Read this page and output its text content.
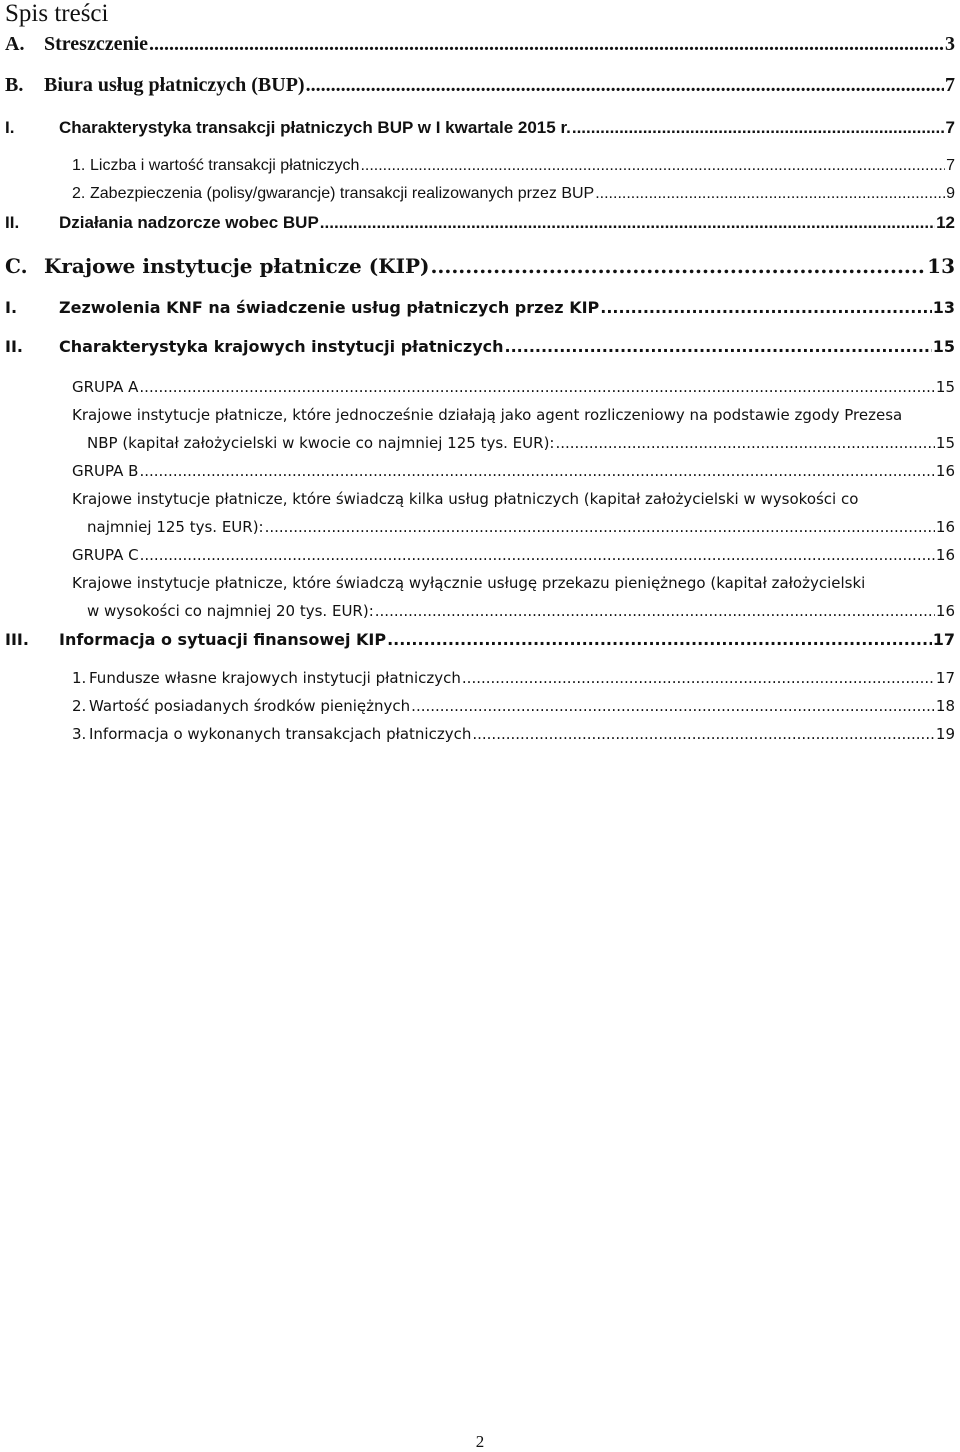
Spis treści
A. Streszczenie .....	3
B. Biura usług płatniczych (BUP) .....	7
I.	Charakterystyka transakcji płatniczych BUP w I kwartale 2015 r. .....	7
1. Liczba i wartość transakcji płatniczych .....	7
2. Zabezpieczenia (polisy/gwarancje) transakcji realizowanych przez BUP .....	9
II. Działania nadzorcze wobec BUP .....	12
C. Krajowe instytucje płatnicze (KIP) .....	13
I.	Zezwolenia KNF na świadczenie usług płatniczych przez KIP .....	13
II. Charakterystyka krajowych instytucji płatniczych .....	15
GRUPA A .....	15
Krajowe instytucje płatnicze, które jednocześnie działają jako agent rozliczeniowy na podstawie zgody Prezesa
NBP (kapitał założycielski w kwocie co najmniej 125 tys. EUR): .....	15
GRUPA B .....	16
Krajowe instytucje płatnicze, które świadczą kilka usług płatniczych (kapitał założycielski w wysokości co
najmniej 125 tys. EUR): .....	16
GRUPA C .....	16
Krajowe instytucje płatnicze, które świadczą wyłącznie usługę przekazu pieniężnego (kapitał założycielski
w wysokości co najmniej 20 tys. EUR): .....	16
III. Informacja o sytuacji finansowej KIP .....	17
1. Fundusze własne krajowych instytucji płatniczych .....	17
2. Wartość posiadanych środków pieniężnych .....	18
3. Informacja o wykonanych transakcjach płatniczych .....	19
2
